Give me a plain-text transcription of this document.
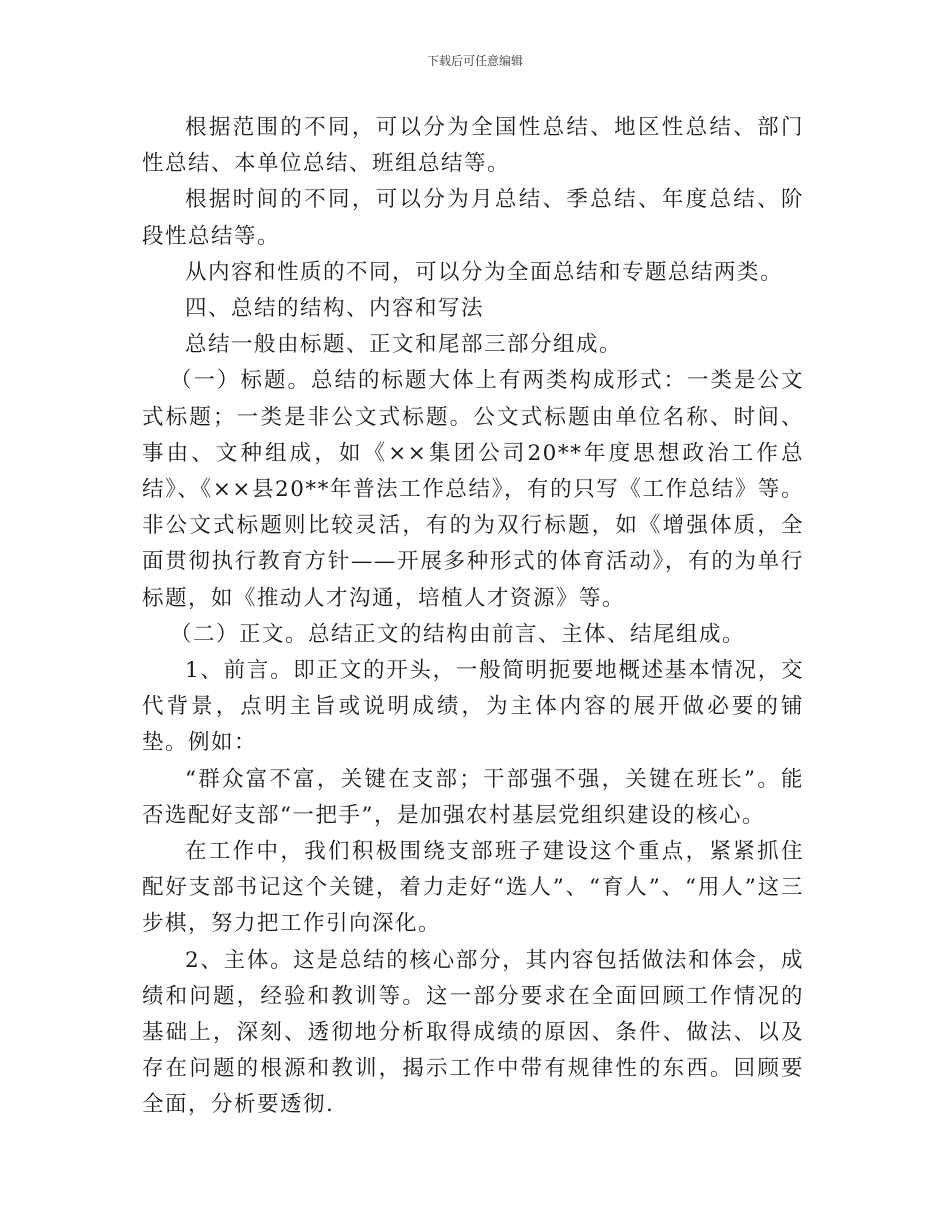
下载后可任意编辑

根据范围的不同，可以分为全国性总结、地区性总结、部门性总结、本单位总结、班组总结等。

根据时间的不同，可以分为月总结、季总结、年度总结、阶段性总结等。

从内容和性质的不同，可以分为全面总结和专题总结两类。

四、总结的结构、内容和写法

总结一般由标题、正文和尾部三部分组成。

（一）标题。总结的标题大体上有两类构成形式：一类是公文式标题；一类是非公文式标题。公文式标题由单位名称、时间、事由、文种组成，如《××集团公司20**年度思想政治工作总结》、《××县20**年普法工作总结》，有的只写《工作总结》等。非公文式标题则比较灵活，有的为双行标题，如《增强体质，全面贯彻执行教育方针——开展多种形式的体育活动》，有的为单行标题，如《推动人才沟通，培植人才资源》等。

（二）正文。总结正文的结构由前言、主体、结尾组成。

1、前言。即正文的开头，一般简明扼要地概述基本情况，交代背景，点明主旨或说明成绩，为主体内容的展开做必要的铺垫。例如：

“群众富不富，关键在支部；干部强不强，关键在班长”。能否选配好支部“一把手”，是加强农村基层党组织建设的核心。

在工作中，我们积极围绕支部班子建设这个重点，紧紧抓住配好支部书记这个关键，着力走好“选人”、“育人”、“用人”这三步棋，努力把工作引向深化。

2、主体。这是总结的核心部分，其内容包括做法和体会，成绩和问题，经验和教训等。这一部分要求在全面回顾工作情况的基础上，深刻、透彻地分析取得成绩的原因、条件、做法、以及存在问题的根源和教训，揭示工作中带有规律性的东西。回顾要全面，分析要透彻.
